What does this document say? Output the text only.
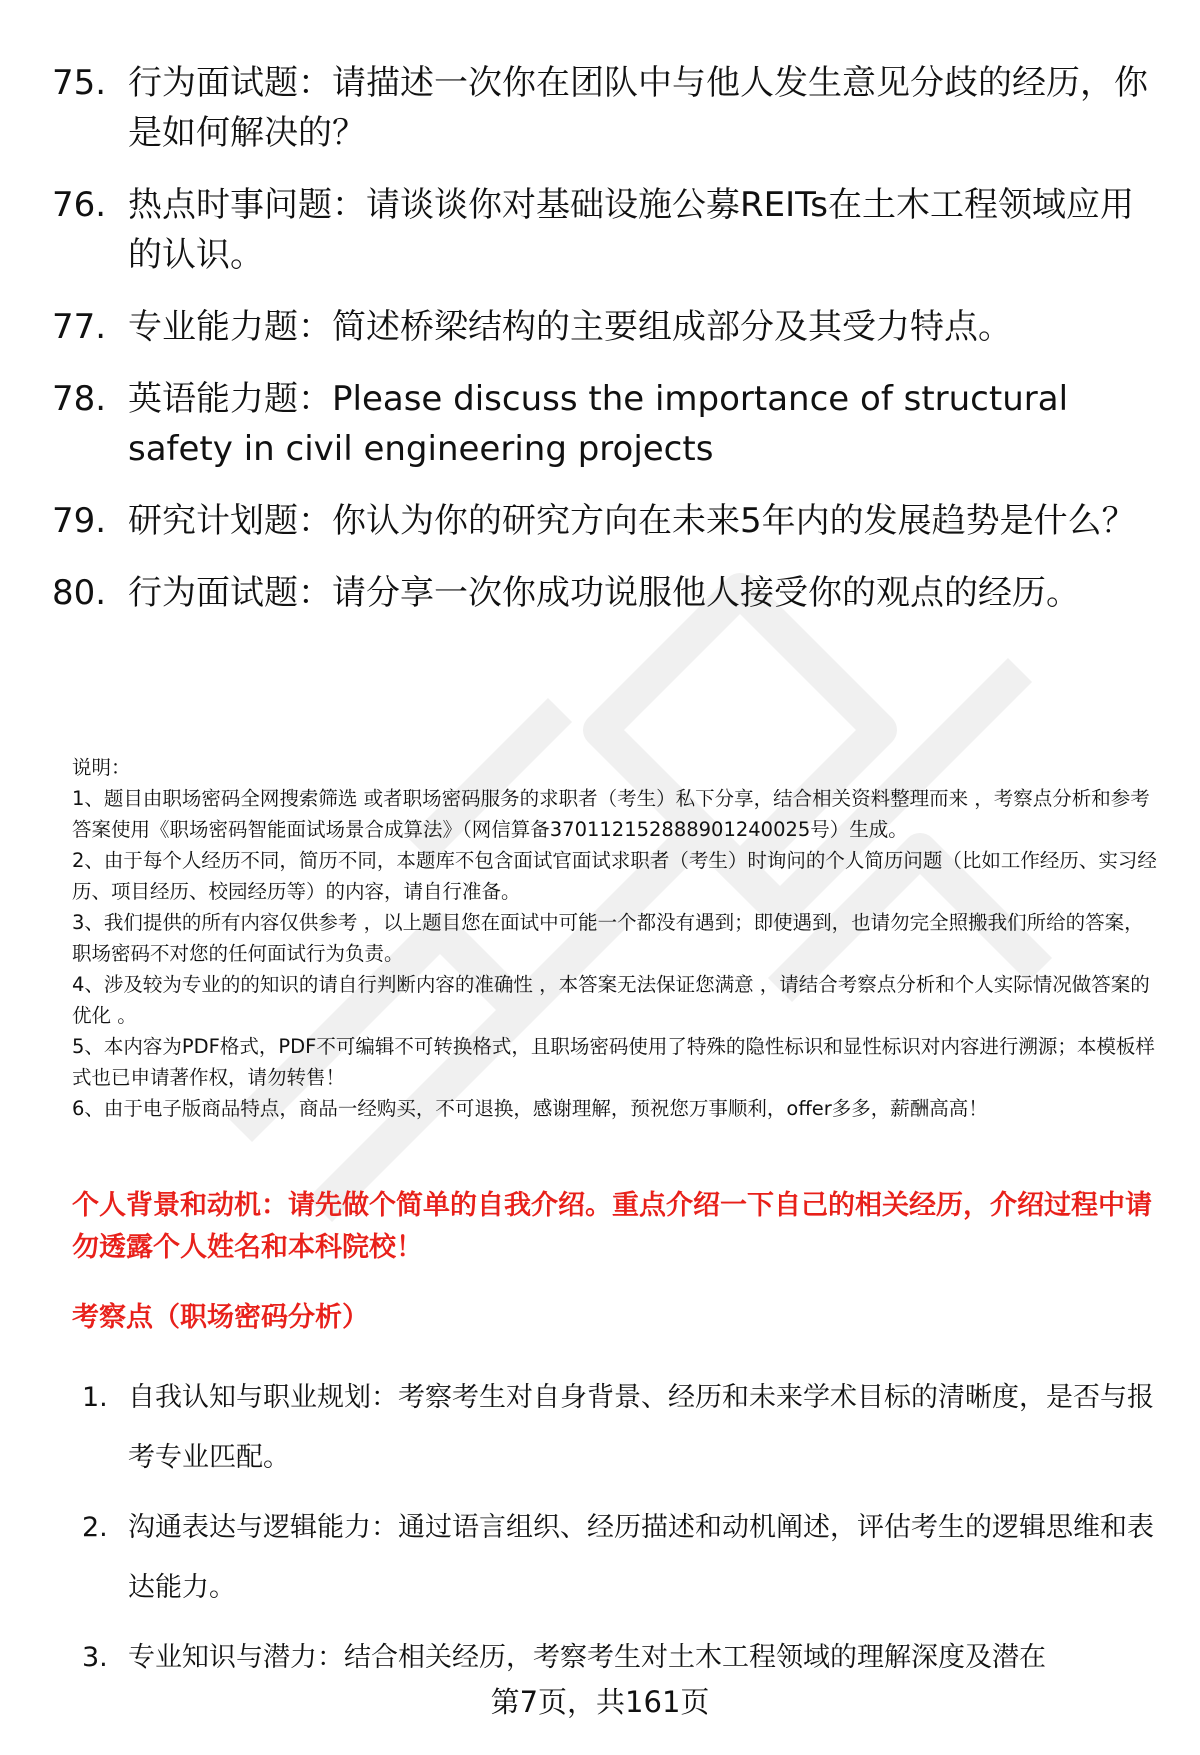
75. 行为面试题：请描述一次你在团队中与他人发生意见分歧的经历，你是如何解决的？
76. 热点时事问题：请谈谈你对基础设施公募REITs在土木工程领域应用的认识。
77. 专业能力题：简述桥梁结构的主要组成部分及其受力特点。
78. 英语能力题：Please discuss the importance of structural safety in civil engineering projects
79. 研究计划题：你认为你的研究方向在未来5年内的发展趋势是什么？
80. 行为面试题：请分享一次你成功说服他人接受你的观点的经历。

说明：

1、题目由职场密码全网搜索筛选 或者职场密码服务的求职者（考生）私下分享，结合相关资料整理而来 ，考察点分析和参考答案使用《职场密码智能面试场景合成算法》（网信算备370112152888901240025号）生成。

2、由于每个人经历不同，简历不同，本题库不包含面试官面试求职者（考生）时询问的个人简历问题（比如工作经历、实习经历、项目经历、校园经历等）的内容，请自行准备。

3、我们提供的所有内容仅供参考 ，以上题目您在面试中可能一个都没有遇到；即使遇到，也请勿完全照搬我们所给的答案，职场密码不对您的任何面试行为负责。

4、涉及较为专业的的知识的请自行判断内容的准确性 ，本答案无法保证您满意 ，请结合考察点分析和个人实际情况做答案的优化 。

5、本内容为PDF格式，PDF不可编辑不可转换格式，且职场密码使用了特殊的隐性标识和显性标识对内容进行溯源；本模板样式也已申请著作权，请勿转售！

6、由于电子版商品特点，商品一经购买，不可退换，感谢理解，预祝您万事顺利，offer多多，薪酬高高！

个人背景和动机：请先做个简单的自我介绍。重点介绍一下自己的相关经历，介绍过程中请勿透露个人姓名和本科院校！
考察点（职场密码分析）
1. 自我认知与职业规划：考察考生对自身背景、经历和未来学术目标的清晰度，是否与报考专业匹配。
2. 沟通表达与逻辑能力：通过语言组织、经历描述和动机阐述，评估考生的逻辑思维和表达能力。
3. 专业知识与潜力：结合相关经历，考察考生对土木工程领域的理解深度及潜在
第7页，共161页
